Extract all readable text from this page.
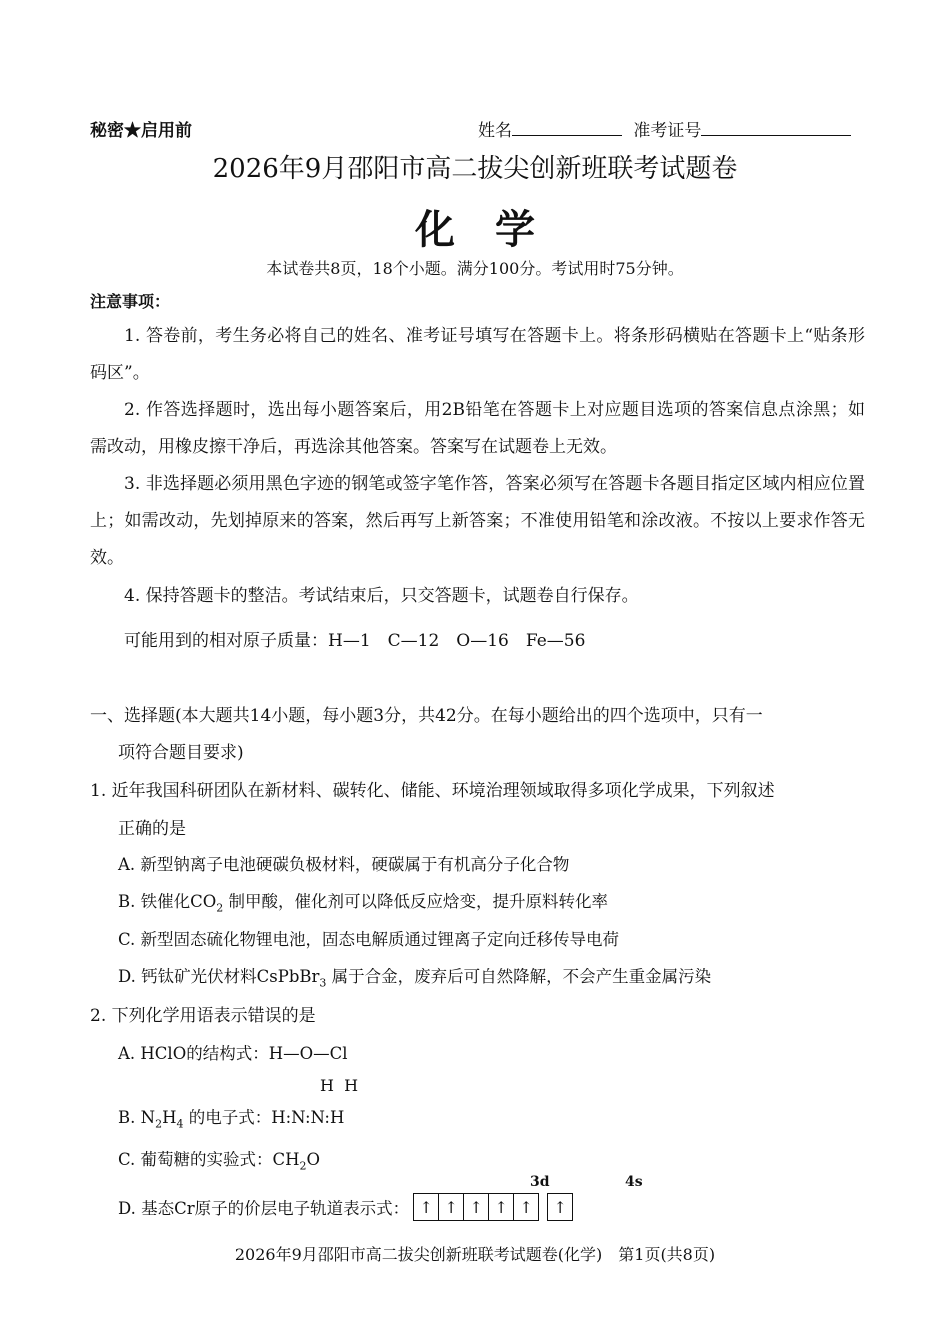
秘密★启用前	姓名	准考证号
2026年9月邵阳市高二拔尖创新班联考试题卷
化学
本试卷共8页，18个小题。满分100分。考试用时75分钟。
注意事项：
1. 答卷前，考生务必将自己的姓名、准考证号填写在答题卡上。将条形码横贴在答题卡上“贴条形码区”。
2. 作答选择题时，选出每小题答案后，用2B铅笔在答题卡上对应题目选项的答案信息点涂黑；如需改动，用橡皮擦干净后，再选涂其他答案。答案写在试题卷上无效。
3. 非选择题必须用黑色字迹的钢笔或签字笔作答，答案必须写在答题卡各题目指定区域内相应位置上；如需改动，先划掉原来的答案，然后再写上新答案；不准使用铅笔和涂改液。不按以上要求作答无效。
4. 保持答题卡的整洁。考试结束后，只交答题卡，试题卷自行保存。
可能用到的相对原子质量：H—1　C—12　O—16　Fe—56
一、选择题(本大题共14小题，每小题3分，共42分。在每小题给出的四个选项中，只有一
项符合题目要求)
1. 近年我国科研团队在新材料、碳转化、储能、环境治理领域取得多项化学成果，下列叙述
正确的是
A. 新型钠离子电池硬碳负极材料，硬碳属于有机高分子化合物
B. 铁催化$CO_2$ 制甲酸，催化剂可以降低反应焓变，提升原料转化率
C. 新型固态硫化物锂电池，固态电解质通过锂离子定向迁移传导电荷
D. 钙钛矿光伏材料CsPbBr$_3$ 属于合金，废弃后可自然降解，不会产生重金属污染
2. 下列化学用语表示错误的是
A. HClO的结构式：H—O—Cl
H  H
B. $N_2H_4$ 的电子式：H:N:N:H
C. 葡萄糖的实验式：$CH_2O$
3d	4s
D. 基态Cr原子的价层电子轨道表示式： ↑ ↑ ↑ ↑ ↑	↑
2026年9月邵阳市高二拔尖创新班联考试题卷(化学)　第1页(共8页)
